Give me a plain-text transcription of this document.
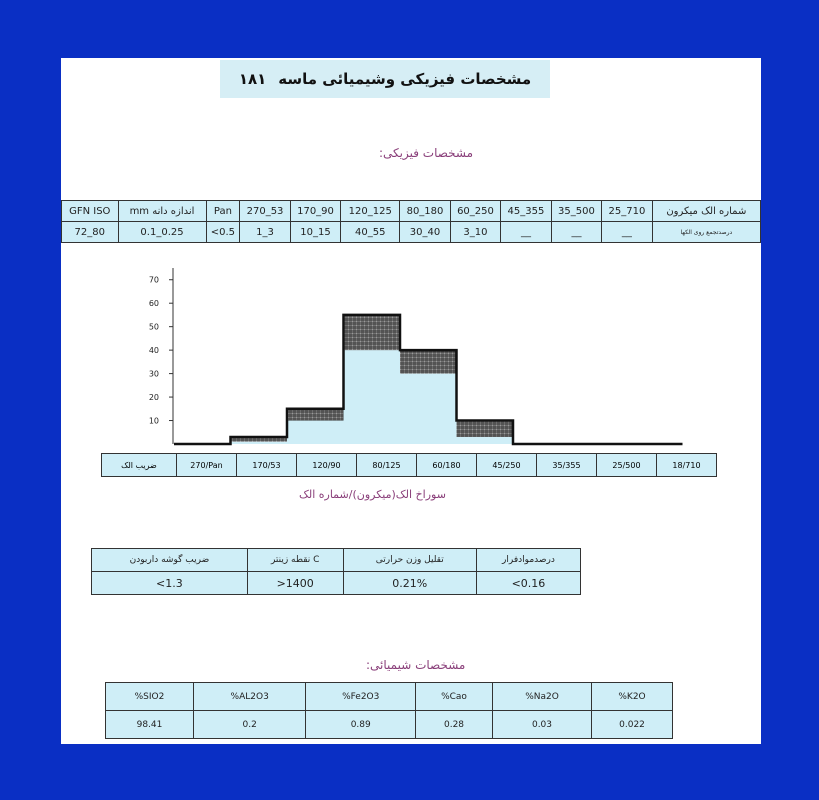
مشخصات فیزیکی وشیمیائی ماسه
۱۸۱
مشخصات فیزیکی:
GFN ISO	mm اندازه دانه	Pan	270_53	170_90	120_125	80_180	60_250	45_355	35_500	25_710	شماره الک میکرون
72_80	0.1_0.25	<0.5	1_3	10_15	40_55	30_40	3_10	__	__	__	درصدتجمع روی الکها
10
20
30
40
50
60
70
ضریب الک	270/Pan	170/53	120/90	80/125	60/180	45/250	35/355	25/500	18/710
سوراخ الک(میکرون)/شماره الک
ضریب گوشه داربودن	نقطه زینتر C	تقلیل وزن حرارتی	درصدموادفرار
<1.3	>1400	0.21%	<0.16
مشخصات شیمیائی:
%SIO2	%AL2O3	%Fe2O3	%Cao	%Na2O	%K2O
98.41	0.2	0.89	0.28	0.03	0.022
